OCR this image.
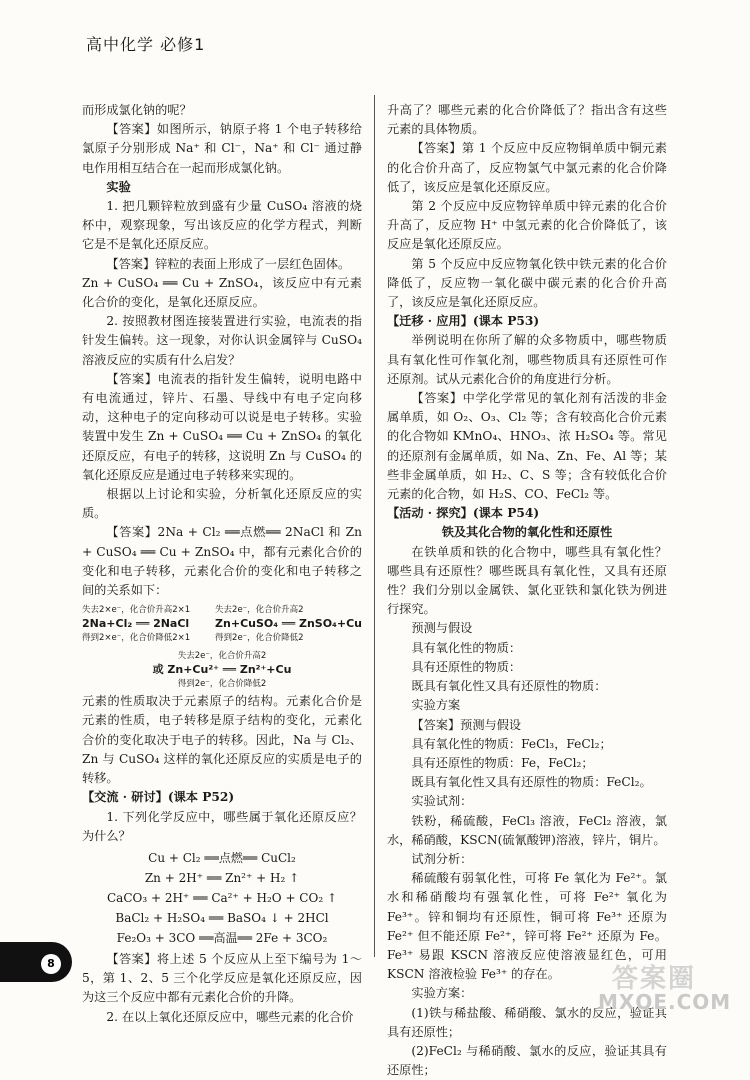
高中化学 必修1

而形成氯化钠的呢？

【答案】如图所示，钠原子将 1 个电子转移给氯原子分别形成 Na⁺ 和 Cl⁻，Na⁺ 和 Cl⁻ 通过静电作用相互结合在一起而形成氯化钠。

实验

1. 把几颗锌粒放到盛有少量 CuSO₄ 溶液的烧杯中，观察现象，写出该反应的化学方程式，判断它是不是氧化还原反应。

【答案】锌粒的表面上形成了一层红色固体。

Zn + CuSO₄ ══ Cu + ZnSO₄，该反应中有元素化合价的变化，是氧化还原反应。

2. 按照教材图连接装置进行实验，电流表的指针发生偏转。这一现象，对你认识金属锌与 CuSO₄ 溶液反应的实质有什么启发？

【答案】电流表的指针发生偏转，说明电路中有电流通过，锌片、石墨、导线中有电子定向移动，这种电子的定向移动可以说是电子转移。实验装置中发生 Zn + CuSO₄ ══ Cu + ZnSO₄ 的氧化还原反应，有电子的转移，这说明 Zn 与 CuSO₄ 的氧化还原反应是通过电子转移来实现的。

根据以上讨论和实验，分析氧化还原反应的实质。

【答案】2Na + Cl₂ ══点燃══ 2NaCl 和 Zn + CuSO₄ ══ Cu + ZnSO₄ 中，都有元素化合价的变化和电子转移，元素化合价的变化和电子转移之间的关系如下：

失去2×e⁻，化合价升高2×1
2Na+Cl₂ ══ 2NaCl
得到2×e⁻，化合价降低2×1
失去2e⁻，化合价升高2
Zn+CuSO₄ ══ ZnSO₄+Cu
得到2e⁻，化合价降低2
失去2e⁻，化合价升高2
或 Zn+Cu²⁺ ══ Zn²⁺+Cu
得到2e⁻，化合价降低2

元素的性质取决于元素原子的结构。元素化合价是元素的性质，电子转移是原子结构的变化，元素化合价的变化取决于电子的转移。因此，Na 与 Cl₂、Zn 与 CuSO₄ 这样的氧化还原反应的实质是电子的转移。

【交流 · 研讨】(课本 P52)

1. 下列化学反应中，哪些属于氧化还原反应？为什么？

Cu + Cl₂ ══点燃══ CuCl₂
Zn + 2H⁺ ══ Zn²⁺ + H₂ ↑
CaCO₃ + 2H⁺ ══ Ca²⁺ + H₂O + CO₂ ↑
BaCl₂ + H₂SO₄ ══ BaSO₄ ↓ + 2HCl
Fe₂O₃ + 3CO ══高温══ 2Fe + 3CO₂

【答案】将上述 5 个反应从上至下编号为 1～5，第 1、2、5 三个化学反应是氧化还原反应，因为这三个反应中都有元素化合价的升降。

2. 在以上氧化还原反应中，哪些元素的化合价

升高了？哪些元素的化合价降低了？指出含有这些元素的具体物质。

【答案】第 1 个反应中反应物铜单质中铜元素的化合价升高了，反应物氯气中氯元素的化合价降低了，该反应是氧化还原反应。

第 2 个反应中反应物锌单质中锌元素的化合价升高了，反应物 H⁺ 中氢元素的化合价降低了，该反应是氧化还原反应。

第 5 个反应中反应物氧化铁中铁元素的化合价降低了，反应物一氧化碳中碳元素的化合价升高了，该反应是氧化还原反应。

【迁移 · 应用】(课本 P53)

举例说明在你所了解的众多物质中，哪些物质具有氧化性可作氧化剂，哪些物质具有还原性可作还原剂。试从元素化合价的角度进行分析。

【答案】中学化学常见的氧化剂有活泼的非金属单质，如 O₂、O₃、Cl₂ 等；含有较高化合价元素的化合物如 KMnO₄、HNO₃、浓 H₂SO₄ 等。常见的还原剂有金属单质，如 Na、Zn、Fe、Al 等；某些非金属单质，如 H₂、C、S 等；含有较低化合价元素的化合物，如 H₂S、CO、FeCl₂ 等。

【活动 · 探究】(课本 P54)

铁及其化合物的氧化性和还原性

在铁单质和铁的化合物中，哪些具有氧化性？哪些具有还原性？哪些既具有氧化性，又具有还原性？我们分别以金属铁、氯化亚铁和氯化铁为例进行探究。

预测与假设

具有氧化性的物质：

具有还原性的物质：

既具有氧化性又具有还原性的物质：

实验方案

【答案】预测与假设

具有氧化性的物质：FeCl₃，FeCl₂；

具有还原性的物质：Fe，FeCl₂；

既具有氧化性又具有还原性的物质：FeCl₂。

实验试剂：

铁粉，稀硫酸，FeCl₃ 溶液，FeCl₂ 溶液，氯水，稀硝酸，KSCN(硫氰酸钾)溶液，锌片，铜片。

试剂分析：

稀硫酸有弱氧化性，可将 Fe 氧化为 Fe²⁺。氯水和稀硝酸均有强氧化性，可将 Fe²⁺ 氧化为 Fe³⁺。锌和铜均有还原性，铜可将 Fe³⁺ 还原为 Fe²⁺ 但不能还原 Fe²⁺，锌可将 Fe²⁺ 还原为 Fe。Fe³⁺ 易跟 KSCN 溶液反应使溶液显红色，可用 KSCN 溶液检验 Fe³⁺ 的存在。

实验方案：

(1)铁与稀盐酸、稀硝酸、氯水的反应，验证其具有还原性；

(2)FeCl₂ 与稀硝酸、氯水的反应，验证其具有还原性；

8
答案圈
MXQE.COM
